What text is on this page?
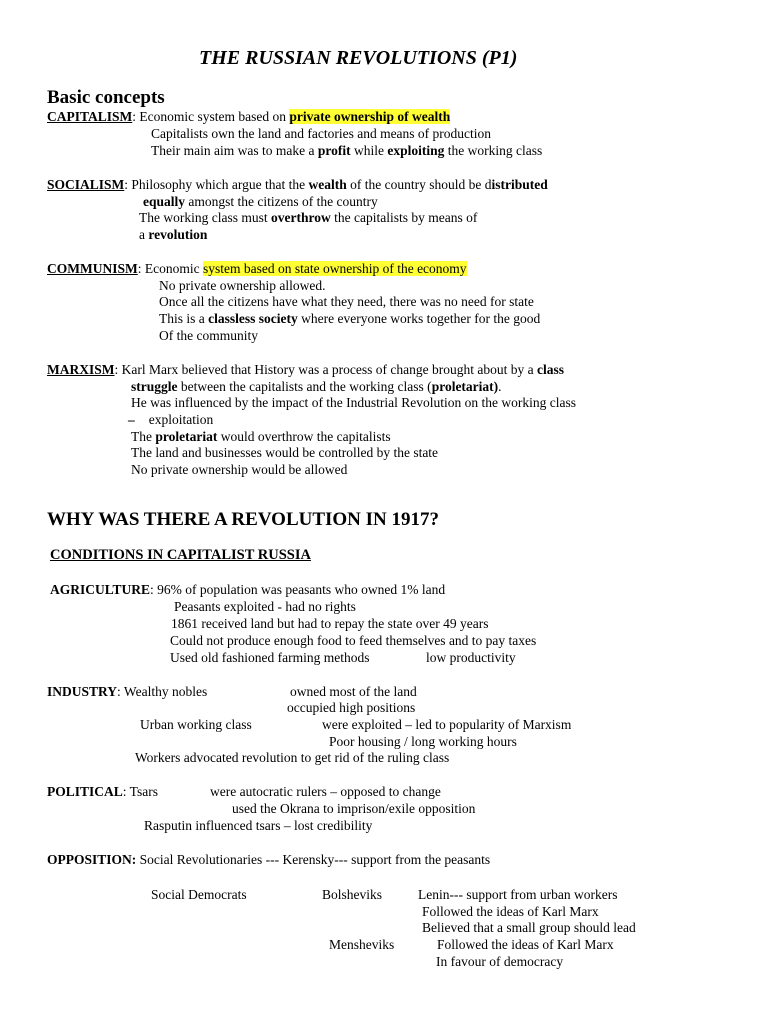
THE RUSSIAN REVOLUTIONS (P1)
Basic concepts
CAPITALISM: Economic system based on private ownership of wealth
Capitalists own the land and factories and means of production
Their main aim was to make a profit while exploiting the working class
SOCIALISM: Philosophy which argue that the wealth of the country should be distributed
equally amongst the citizens of the country
The working class must overthrow the capitalists by means of
a revolution
COMMUNISM: Economic system based on state ownership of the economy
No private ownership allowed.
Once all the citizens have what they need, there was no need for state
This is a classless society where everyone works together for the good
Of the community
MARXISM: Karl Marx believed that History was a process of change brought about by a class
struggle between the capitalists and the working class (proletariat).
He was influenced by the impact of the Industrial Revolution on the working class
– exploitation
The proletariat would overthrow the capitalists
The land and businesses would be controlled by the state
No private ownership would be allowed
WHY WAS THERE A REVOLUTION IN 1917?
CONDITIONS IN CAPITALIST RUSSIA
AGRICULTURE: 96% of population was peasants who owned 1% land
Peasants exploited - had no rights
1861 received land but had to repay the state over 49 years
Could not produce enough food to feed themselves and to pay taxes
Used old fashioned farming methods	low productivity
INDUSTRY: Wealthy nobles	owned most of the land
occupied high positions
Urban working class	were exploited – led to popularity of Marxism
Poor housing / long working hours
Workers advocated revolution to get rid of the ruling class
POLITICAL: Tsars	were autocratic rulers – opposed to change
used the Okrana to imprison/exile opposition
Rasputin influenced tsars – lost credibility
OPPOSITION: Social Revolutionaries --- Kerensky--- support from the peasants
Social Democrats	Bolsheviks	Lenin--- support from urban workers
Followed the ideas of Karl Marx
Believed that a small group should lead
Mensheviks	Followed the ideas of Karl Marx
In favour of democracy
